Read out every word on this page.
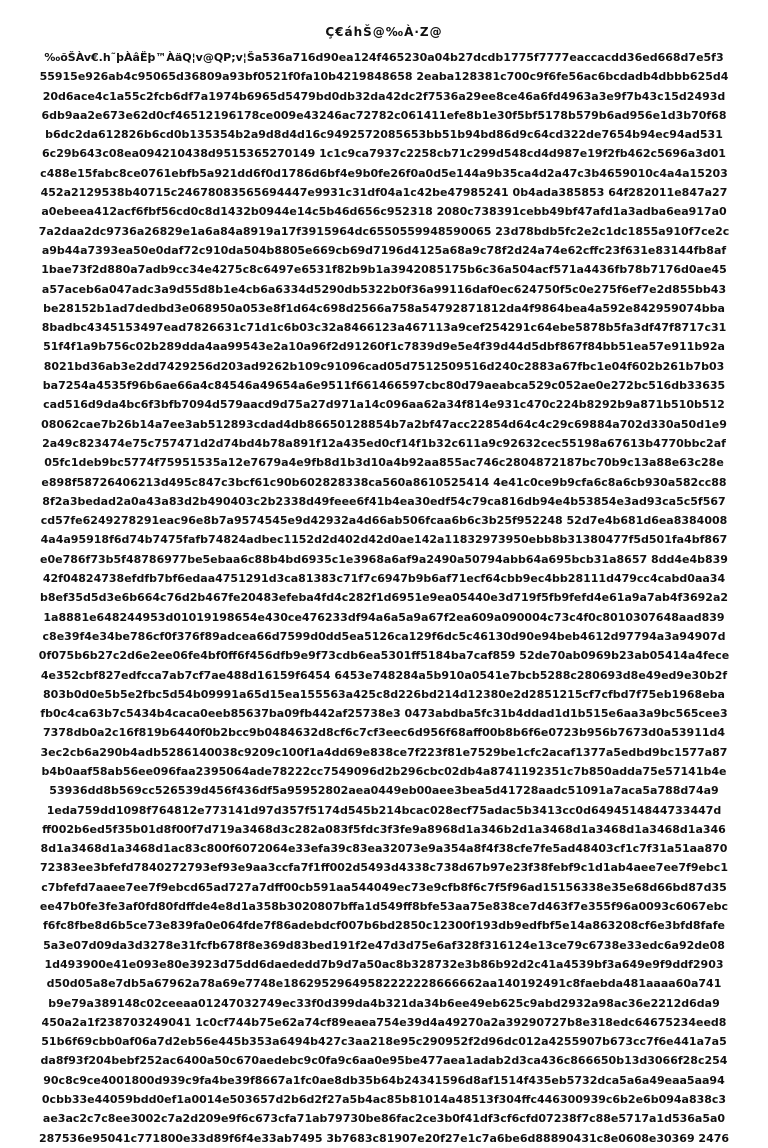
Ç€áhŠ@‰À·Z@
‰õŠÀv€.h˜þÀâËþ™ÀäQ¦v@QP;v¦Ša536a716d90ea124f465230a04b27dcdb1775f7777eaccacdd36ed668d7e5f3
55915e926ab4c95065d36809a93bf0521f0fa10b4219848658 2eaba128381c700c9f6fe56ac6bcdadb4dbbb625d4
20d6ace4c1a55c2fcb6df7a1974b6965d5479bd0db32da42dc2f7536a29ee8ce46a6fd4963a3e9f7b43c15d2493d
6db9aa2e673e62d0cf46512196178ce009e43246ac72782c061411efe8b1e30f5bf5178b579b6ad956e1d3b70f68
b6dc2da612826b6cd0b135354b2a9d8d4d16c9492572085653bb51b94bd86d9c64cd322de7654b94ec94ad531
6c29b643c08ea094210438d9515365270149 1c1c9ca7937c2258cb71c299d548cd4d987e19f2fb462c5696a3d01
c488e15fabc8ce0761ebfb5a921dd6f0d1786d6bf4e9b0fe26f0a0d5e144a9b35ca4d2a47c3b4659010c4a4a15203
452a2129538b40715c24678083565694447e9931c31df04a1c42be47985241 0b4ada385853 64f282011e847a27
a0ebeea412acf6fbf56cd0c8d1432b0944e14c5b46d656c952318 2080c738391cebb49bf47afd1a3adba6ea917a0
7a2daa2dc9736a26829e1a6a84a8919a17f3915964dc6550559948590065 23d78bdb5fc2e2c1dc1855a910f7ce2c
a9b44a7393ea50e0daf72c910da504b8805e669cb69d7196d4125a68a9c78f2d24a74e62cffc23f631e83144fb8af
1bae73f2d880a7adb9cc34e4275c8c6497e6531f82b9b1a3942085175b6c36a504acf571a4436fb78b7176d0ae45
a57aceb6a047adc3a9d55d8b1e4cb6a6334d5290db5322b0f36a99116daf0ec624750f5c0e275f6ef7e2d855bb43
be28152b1ad7dedbd3e068950a053e8f1d64c698d2566a758a54792871812da4f9864bea4a592e842959074bba
8badbc4345153497ead7826631c71d1c6b03c32a8466123a467113a9cef254291c64ebe5878b5fa3df47f8717c31
51f4f1a9b756c02b289dda4aa99543e2a10a96f2d91260f1c7839d9e5e4f39d44d5dbf867f84bb51ea57e911b92a
8021bd36ab3e2dd7429256d203ad9262b109c91096cad05d7512509516d240c2883a67fbc1e04f602b261b7b03
ba7254a4535f96b6ae66a4c84546a49654a6e9511f661466597cbc80d79aeabca529c052ae0e272bc516db33635
cad516d9da4bc6f3bfb7094d579aacd9d75a27d971a14c096aa62a34f814e931c470c224b8292b9a871b510b512
08062cae7b26b14a7ee3ab512893cdad4db86650128854b7a2bf47acc22854d64c4c29c69884a702d330a50d1e9
2a49c823474e75c757471d2d74bd4b78a891f12a435ed0cf14f1b32c611a9c92632cec55198a67613b4770bbc2af
05fc1deb9bc5774f75951535a12e7679a4e9fb8d1b3d10a4b92aa855ac746c2804872187bc70b9c13a88e63c28e
e898f58726406213d495c847c3bcf61c90b602828338ca560a8610525414 4e41c0ce9b9cfa6c8a6cb930a582cc88
8f2a3bedad2a0a43a83d2b490403c2b2338d49feee6f41b4ea30edf54c79ca816db94e4b53854e3ad93ca5c5f567
cd57fe6249278291eac96e8b7a9574545e9d42932a4d66ab506fcaa6b6c3b25f952248 52d7e4b681d6ea8384008
4a4a95918f6d74b7475fafb74824adbec1152d2d402d42d0ae142a11832973950ebb8b31380477f5d501fa4bf867
e0e786f73b5f48786977be5ebaa6c88b4bd6935c1e3968a6af9a2490a50794abb64a695bcb31a8657 8dd4e4b839
42f04824738efdfb7bf6edaa4751291d3ca81383c71f7c6947b9b6af71ecf64cbb9ec4bb28111d479cc4cabd0aa34
b8ef35d5d3e6b664c76d2b467fe20483efeba4fd4c282f1d6951e9ea05440e3d719f5fb9fefd4e61a9a7ab4f3692a2
1a8881e648244953d01019198654e430ce476233df94a6a5a9a67f2ea609a090004c73c4f0c8010307648aad839
c8e39f4e34be786cf0f376f89adcea66d7599d0dd5ea5126ca129f6dc5c46130d90e94beb4612d97794a3a94907d
0f075b6b27c2d6e2ee06fe4bf0ff6f456dfb9e9f73cdb6ea5301ff5184ba7caf859 52de70ab0969b23ab05414a4fece
4e352cbf827edfcca7ab7cf7ae488d16159f6454 6453e748284a5b910a0541e7bcb5288c280693d8e49ed9e30b2f
803b0d0e5b5e2fbc5d54b09991a65d15ea155563a425c8d226bd214d12380e2d2851215cf7cfbd7f75eb1968eba
fb0c4ca63b7c5434b4caca0eeb85637ba09fb442af25738e3 0473abdba5fc31b4ddad1d1b515e6aa3a9bc565cee3
7378db0a2c16f819b6440f0b2bcc9b0484632d8cf6c7cf3eec6d956f68aff00b8b6f6e0723b956b7673d0a53911d4
3ec2cb6a290b4adb5286140038c9209c100f1a4dd69e838ce7f223f81e7529be1cfc2acaf1377a5edbd9bc1577a87
b4b0aaf58ab56ee096faa2395064ade78222cc7549096d2b296cbc02db4a8741192351c7b850adda75e57141b4e
53936dd8b569cc526539d456f436df5a95952802aea0449eb00aee3bea5d41728aadc51091a7aca5a788d74a9
1eda759dd1098f764812e773141d97d357f5174d545b214bcac028ecf75adac5b3413cc0d6494514844733447d
ff002b6ed5f35b01d8f00f7d719a3468d3c282a083f5fdc3f3fe9a8968d1a346b2d1a3468d1a3468d1a3468d1a346
8d1a3468d1a3468d1ac83c800f6072064e33efa39c83ea32073e9a354a8f4f38cfe7fe5ad48403cf1c7f31a51aa870
72383ee3bfefd7840272793ef93e9aa3ccfa7f1ff002d5493d4338c738d67b97e23f38febf9c1d1ab4aee7ee7f9ebc1
c7bfefd7aaee7ee7f9ebcd65ad727a7dff00cb591aa544049ec73e9cfb8f6c7f5f96ad15156338e35e68d66bd87d35
ee47b0fe3fe3af0fd80fdffde4e8d1a358b3020807bffa1d549ff8bfe53aa75e838ce7d463f7e355f96a0093c6067ebc
f6fc8fbe8d6b5ce73e839fa0e064fde7f86adebdcf007b6bd2850c12300f193db9edfbf5e14a863208cf6e3bfd8fafe
5a3e07d09da3d3278e31fcfb678f8e369d83bed191f2e47d3d75e6af328f316124e13ce79c6738e33edc6a92de08
1d493900e41e093e80e3923d75dd6daededd7b9d7a50ac8b328732e3b86b92d2c41a4539bf3a649e9f9ddf2903
d50d05a8e7db5a67962a78a69e7748e18629529649582222228666662aa140192491c8faebda481aaaa60a741
b9e79a389148c02ceeaa01247032749ec33f0d399da4b321da34b6ee49eb625c9abd2932a98ac36e2212d6da9
450a2a1f238703249041 1c0cf744b75e62a74cf89eaea754e39d4a49270a2a39290727b8e318edc64675234eed8
51b6f69cbb0af06a7d2eb56e445b353a6494b427c3aa218e95c290952f2d96dc012a4255907b673cc7f6e441a7a5
da8f93f204bebf252ac6400a50c670aedebc9c0fa9c6aa0e95be477aea1adab2d3ca436c866650b13d3066f28c254
90c8c9ce4001800d939c9fa4be39f8667a1fc0ae8db35b64b24341596d8af1514f435eb5732dca5a6a49eaa5aa94
0cbb33e44059bdd0ef1a0014e503657d2b6d2f27a5b4ac85b81014a48513f304ffc446300939c6b2e6b094a838c3
ae3ac2c7c8ee3002c7a2d209e9f6c673cfa71ab79730be86fac2ce3b0f41df3cf6cfd07238f7c88e5717a1d536a5a0
287536e95041c771800e33d89f6f4e33ab7495 3b7683c81907e20f27e1c7a6be6d88890431c8e0608e30369 2476
